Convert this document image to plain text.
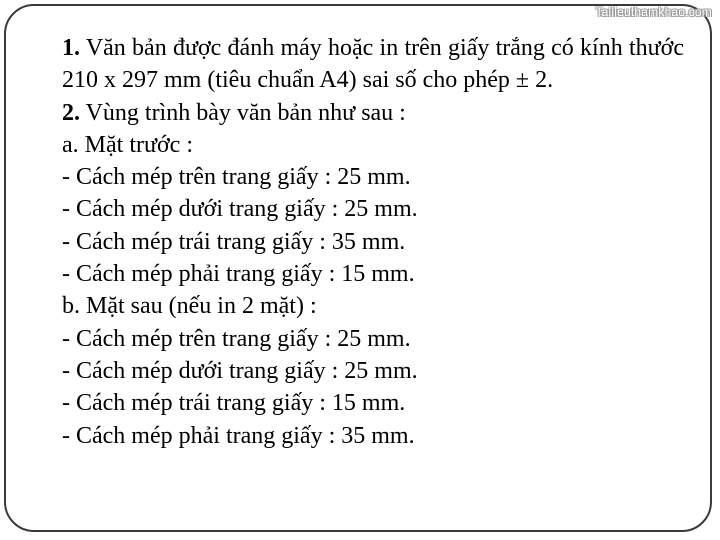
Tailieuthamkhao.com

1. Văn bản được đánh máy hoặc in trên giấy trắng có kính thước 210 x 297 mm (tiêu chuẩn A4) sai số cho phép ± 2.

2. Vùng trình bày văn bản như sau :

a. Mặt trước :

- Cách mép trên trang giấy : 25 mm.

- Cách mép dưới trang giấy : 25 mm.

- Cách mép trái trang giấy : 35 mm.

- Cách mép phải trang giấy : 15 mm.

b. Mặt sau (nếu in 2 mặt) :

- Cách mép trên trang giấy : 25 mm.

- Cách mép dưới trang giấy : 25 mm.

- Cách mép trái trang giấy : 15 mm.

- Cách mép phải trang giấy : 35 mm.
